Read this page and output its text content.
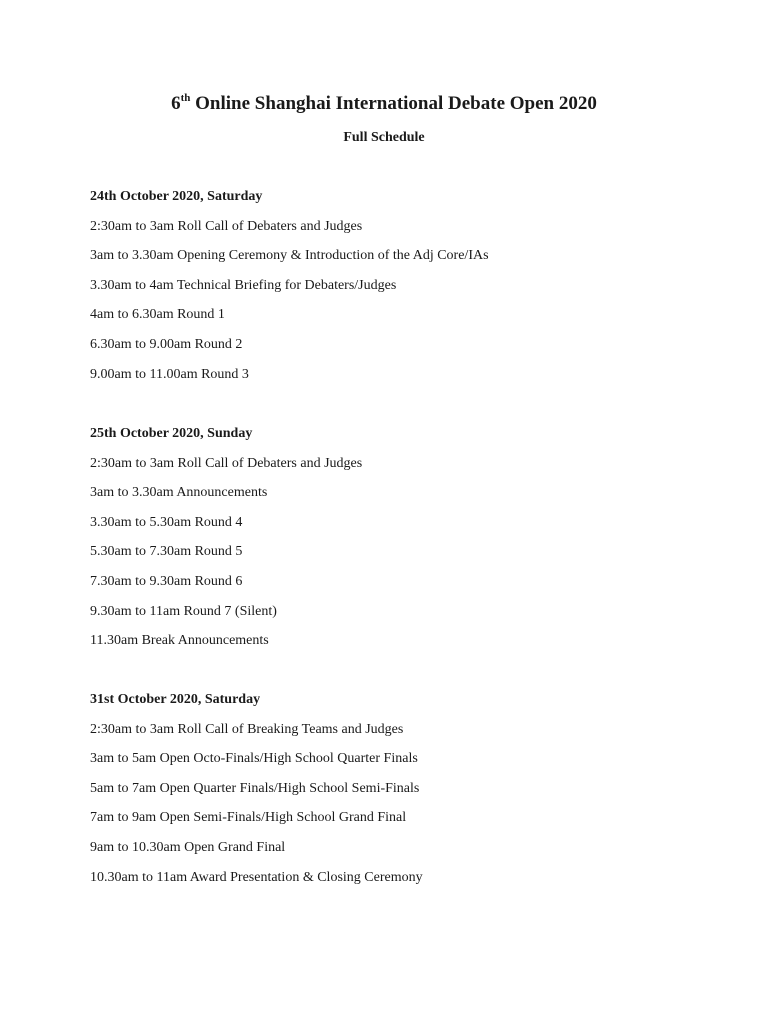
6th Online Shanghai International Debate Open 2020
Full Schedule
24th October 2020, Saturday
2:30am to 3am Roll Call of Debaters and Judges
3am to 3.30am Opening Ceremony & Introduction of the Adj Core/IAs
3.30am to 4am Technical Briefing for Debaters/Judges
4am to 6.30am Round 1
6.30am to 9.00am Round 2
9.00am to 11.00am Round 3
25th October 2020, Sunday
2:30am to 3am Roll Call of Debaters and Judges
3am to 3.30am Announcements
3.30am to 5.30am Round 4
5.30am to 7.30am Round 5
7.30am to 9.30am Round 6
9.30am to 11am Round 7 (Silent)
11.30am Break Announcements
31st October 2020, Saturday
2:30am to 3am Roll Call of Breaking Teams and Judges
3am to 5am Open Octo-Finals/High School Quarter Finals
5am to 7am Open Quarter Finals/High School Semi-Finals
7am to 9am Open Semi-Finals/High School Grand Final
9am to 10.30am Open Grand Final
10.30am to 11am Award Presentation & Closing Ceremony
